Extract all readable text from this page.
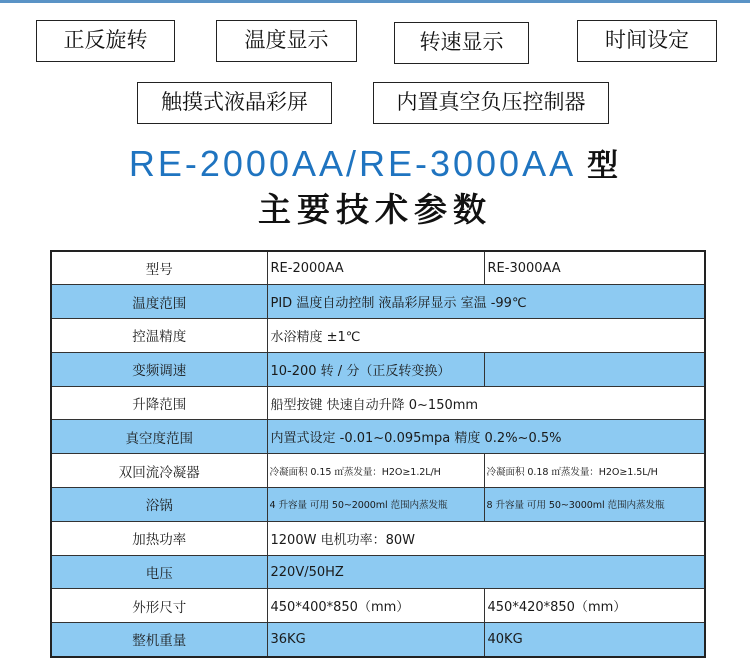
正反旋转	温度显示	转速显示	时间设定
触摸式液晶彩屏	内置真空负压控制器
RE-2000AA/RE-3000AA 型
主要技术参数
型号	RE-2000AA	RE-3000AA
温度范围	PID 温度自动控制 液晶彩屏显示 室温 -99℃	
控温精度	水浴精度 ±1℃	
变频调速	10-200 转 / 分（正反转变换）	
升降范围	船型按键 快速自动升降 0~150mm	
真空度范围	内置式设定 -0.01~0.095mpa 精度 0.2%~0.5%	
双回流冷凝器	冷凝面积 0.15 ㎡蒸发量：H2O≥1.2L/H	冷凝面积 0.18 ㎡蒸发量：H2O≥1.5L/H
浴锅	4 升容量 可用 50~2000ml 范围内蒸发瓶	8 升容量 可用 50~3000ml 范围内蒸发瓶
加热功率	1200W 电机功率：80W	
电压	220V/50HZ	
外形尺寸	450*400*850（mm）	450*420*850（mm）
整机重量	36KG	40KG
